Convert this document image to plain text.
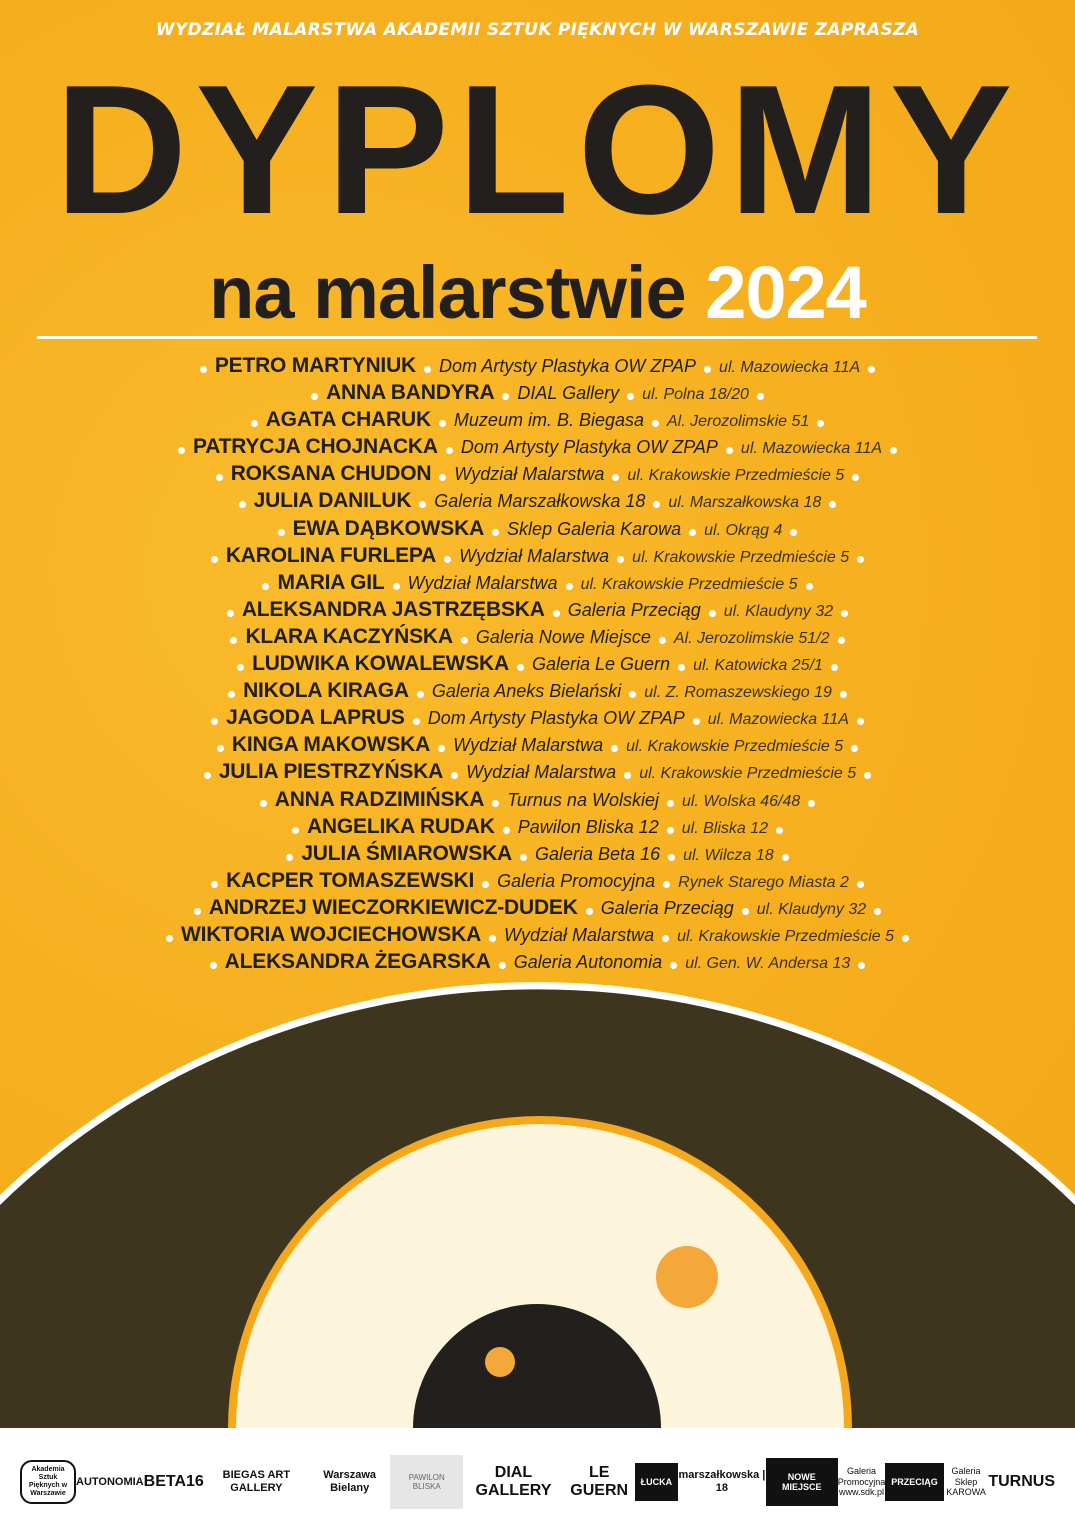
WYDZIAŁ MALARSTWA AKADEMII SZTUK PIĘKNYCH W WARSZAWIE ZAPRASZA
DYPLOMY
na malarstwie 2024
PETRO MARTYNIUK Dom Artysty Plastyka OW ZPAP ul. Mazowiecka 11A
ANNA BANDYRA DIAL Gallery ul. Polna 18/20
AGATA CHARUK Muzeum im. B. Biegasa Al. Jerozolimskie 51
PATRYCJA CHOJNACKA Dom Artysty Plastyka OW ZPAP ul. Mazowiecka 11A
ROKSANA CHUDON Wydział Malarstwa ul. Krakowskie Przedmieście 5
JULIA DANILUK Galeria Marszałkowska 18 ul. Marszałkowska 18
EWA DĄBKOWSKA Sklep Galeria Karowa ul. Okrąg 4
KAROLINA FURLEPA Wydział Malarstwa ul. Krakowskie Przedmieście 5
MARIA GIL Wydział Malarstwa ul. Krakowskie Przedmieście 5
ALEKSANDRA JASTRZĘBSKA Galeria Przeciąg ul. Klaudyny 32
KLARA KACZYŃSKA Galeria Nowe Miejsce Al. Jerozolimskie 51/2
LUDWIKA KOWALEWSKA Galeria Le Guern ul. Katowicka 25/1
NIKOLA KIRAGA Galeria Aneks Bielański ul. Z. Romaszewskiego 19
JAGODA LAPRUS Dom Artysty Plastyka OW ZPAP ul. Mazowiecka 11A
KINGA MAKOWSKA Wydział Malarstwa ul. Krakowskie Przedmieście 5
JULIA PIESTRZYŃSKA Wydział Malarstwa ul. Krakowskie Przedmieście 5
ANNA RADZIMIŃSKA Turnus na Wolskiej ul. Wolska 46/48
ANGELIKA RUDAK Pawilon Bliska 12 ul. Bliska 12
JULIA ŚMIAROWSKA Galeria Beta 16 ul. Wilcza 18
KACPER TOMASZEWSKI Galeria Promocyjna Rynek Starego Miasta 2
ANDRZEJ WIECZORKIEWICZ-DUDEK Galeria Przeciąg ul. Klaudyny 32
WIKTORIA WOJCIECHOWSKA Wydział Malarstwa ul. Krakowskie Przedmieście 5
ALEKSANDRA ŻEGARSKA Galeria Autonomia ul. Gen. W. Andersa 13
Akademia Sztuk Pięknych w Warszawie
AUTONOMIA BETA16	BIEGAS ART GALLERY
Warszawa Bielany
PAWILON BLISKA
DIAL GALLERY
LE GUERN
ŁUCKA
marszałkowska | 18
NOWE MIEJSCE
Galeria Promocyjna www.sdk.pl
PRZECIĄG
Galeria Sklep KAROWA
TURNUS
